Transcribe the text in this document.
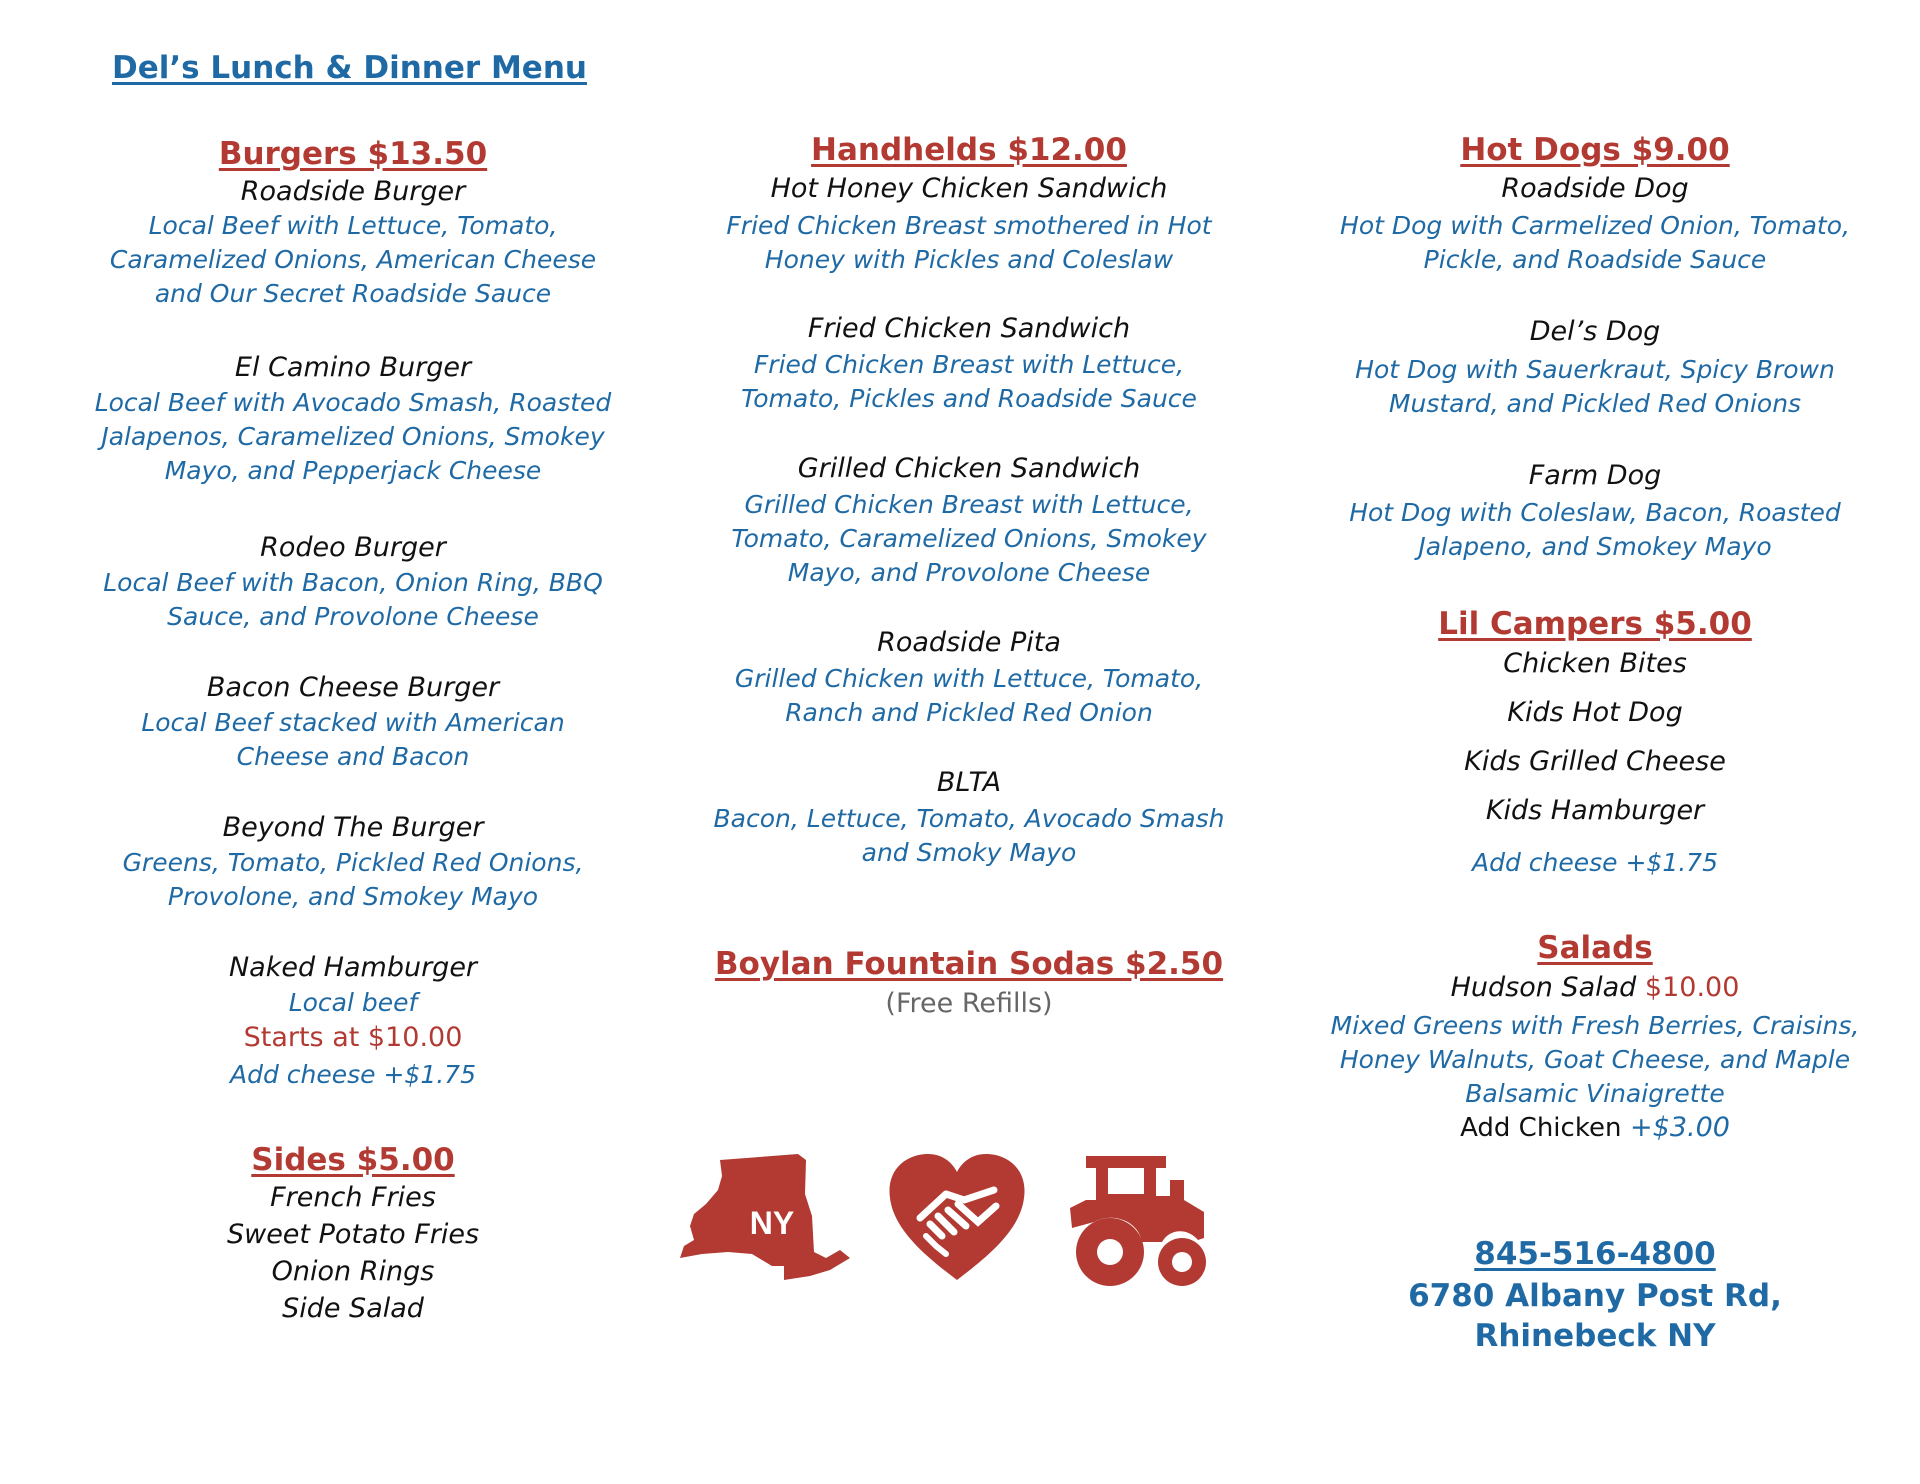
Del’s Lunch & Dinner Menu
Burgers $13.50
Roadside Burger
Local Beef with Lettuce, Tomato, Caramelized Onions, American Cheese and Our Secret Roadside Sauce
El Camino Burger
Local Beef with Avocado Smash, Roasted Jalapenos, Caramelized Onions, Smokey Mayo, and Pepperjack Cheese
Rodeo Burger
Local Beef with Bacon, Onion Ring, BBQ Sauce, and Provolone Cheese
Bacon Cheese Burger
Local Beef stacked with American Cheese and Bacon
Beyond The Burger
Greens, Tomato, Pickled Red Onions, Provolone, and Smokey Mayo
Naked Hamburger
Local beef
Starts at $10.00
Add cheese +$1.75
Sides $5.00
French Fries
Sweet Potato Fries
Onion Rings
Side Salad
Handhelds $12.00
Hot Honey Chicken Sandwich
Fried Chicken Breast smothered in Hot Honey with Pickles and Coleslaw
Fried Chicken Sandwich
Fried Chicken Breast with Lettuce, Tomato, Pickles and Roadside Sauce
Grilled Chicken Sandwich
Grilled Chicken Breast with Lettuce, Tomato, Caramelized Onions, Smokey Mayo, and Provolone Cheese
Roadside Pita
Grilled Chicken with Lettuce, Tomato, Ranch and Pickled Red Onion
BLTA
Bacon, Lettuce, Tomato, Avocado Smash and Smoky Mayo
Boylan Fountain Sodas $2.50
(Free Refills)
NY
Hot Dogs $9.00
Roadside Dog
Hot Dog with Carmelized Onion, Tomato, Pickle, and Roadside Sauce
Del’s Dog
Hot Dog with Sauerkraut, Spicy Brown Mustard, and Pickled Red Onions
Farm Dog
Hot Dog with Coleslaw, Bacon, Roasted Jalapeno, and Smokey Mayo
Lil Campers $5.00
Chicken Bites
Kids Hot Dog
Kids Grilled Cheese
Kids Hamburger
Add cheese +$1.75
Salads
Hudson Salad $10.00
Mixed Greens with Fresh Berries, Craisins, Honey Walnuts, Goat Cheese, and Maple Balsamic Vinaigrette
Add Chicken +$3.00
845-516-4800
6780 Albany Post Rd,
Rhinebeck NY
